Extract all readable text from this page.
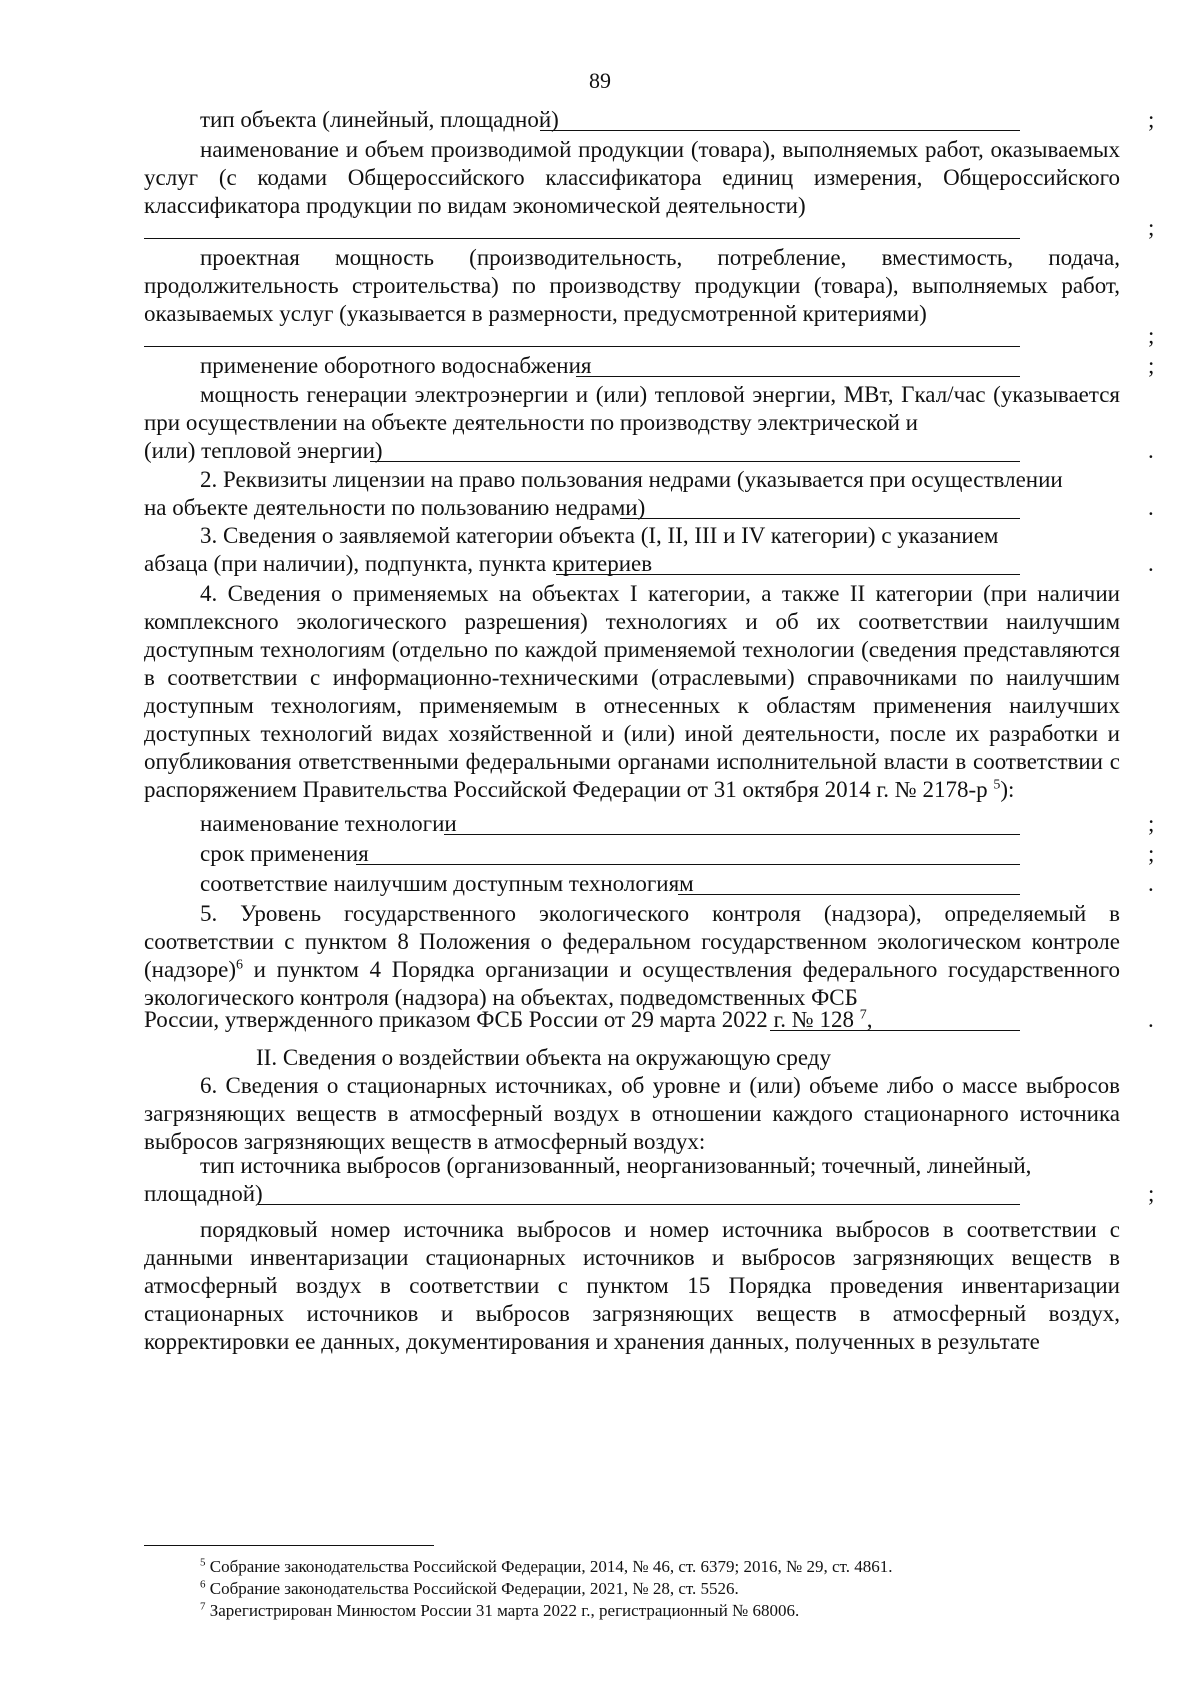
89
тип объекта (линейный, площадной)	;

наименование и объем производимой продукции (товара), выполняемых работ, оказываемых услуг (с кодами Общероссийского классификатора единиц измерения, Общероссийского классификатора продукции по видам экономической деятельности)

;

проектная мощность (производительность, потребление, вместимость, подача, продолжительность строительства) по производству продукции (товара), выполняемых работ, оказываемых услуг (указывается в размерности, предусмотренной критериями)

;
применение оборотного водоснабжения	;

мощность генерации электроэнергии и (или) тепловой энергии, МВт, Гкал/час (указывается при осуществлении на объекте деятельности по производству электрической и

(или) тепловой энергии)	.

2. Реквизиты лицензии на право пользования недрами (указывается при осуществлении

на объекте деятельности по пользованию недрами)	.

3. Сведения о заявляемой категории объекта (I, II, III и IV категории) с указанием

абзаца (при наличии), подпункта, пункта критериев	.

4. Сведения о применяемых на объектах I категории, а также II категории (при наличии комплексного экологического разрешения) технологиях и об их соответствии наилучшим доступным технологиям (отдельно по каждой применяемой технологии (сведения представляются в соответствии с информационно-техническими (отраслевыми) справочниками по наилучшим доступным технологиям, применяемым в отнесенных к областям применения наилучших доступных технологий видах хозяйственной и (или) иной деятельности, после их разработки и опубликования ответственными федеральными органами исполнительной власти в соответствии с распоряжением Правительства Российской Федерации от 31 октября 2014 г. № 2178-р $^5$):

наименование технологии	;
срок применения	;
соответствие наилучшим доступным технологиям	.

5. Уровень государственного экологического контроля (надзора), определяемый в соответствии с пунктом 8 Положения о федеральном государственном экологическом контроле (надзоре)$^6$ и пунктом 4 Порядка организации и осуществления федерального государственного экологического контроля (надзора) на объектах, подведомственных ФСБ

России, утвержденного приказом ФСБ России от 29 марта 2022 г. № 128 $^7$,	.
II. Сведения о воздействии объекта на окружающую среду

6. Сведения о стационарных источниках, об уровне и (или) объеме либо о массе выбросов загрязняющих веществ в атмосферный воздух в отношении каждого стационарного источника выбросов загрязняющих веществ в атмосферный воздух:

тип источника выбросов (организованный, неорганизованный; точечный, линейный,

площадной)	;

порядковый номер источника выбросов и номер источника выбросов в соответствии с данными инвентаризации стационарных источников и выбросов загрязняющих веществ в атмосферный воздух в соответствии с пунктом 15 Порядка проведения инвентаризации стационарных источников и выбросов загрязняющих веществ в атмосферный воздух, корректировки ее данных, документирования и хранения данных, полученных в результате

$^5$ Собрание законодательства Российской Федерации, 2014, № 46, ст. 6379; 2016, № 29, ст. 4861.
$^6$ Собрание законодательства Российской Федерации, 2021, № 28, ст. 5526.
$^7$ Зарегистрирован Минюстом России 31 марта 2022 г., регистрационный № 68006.
